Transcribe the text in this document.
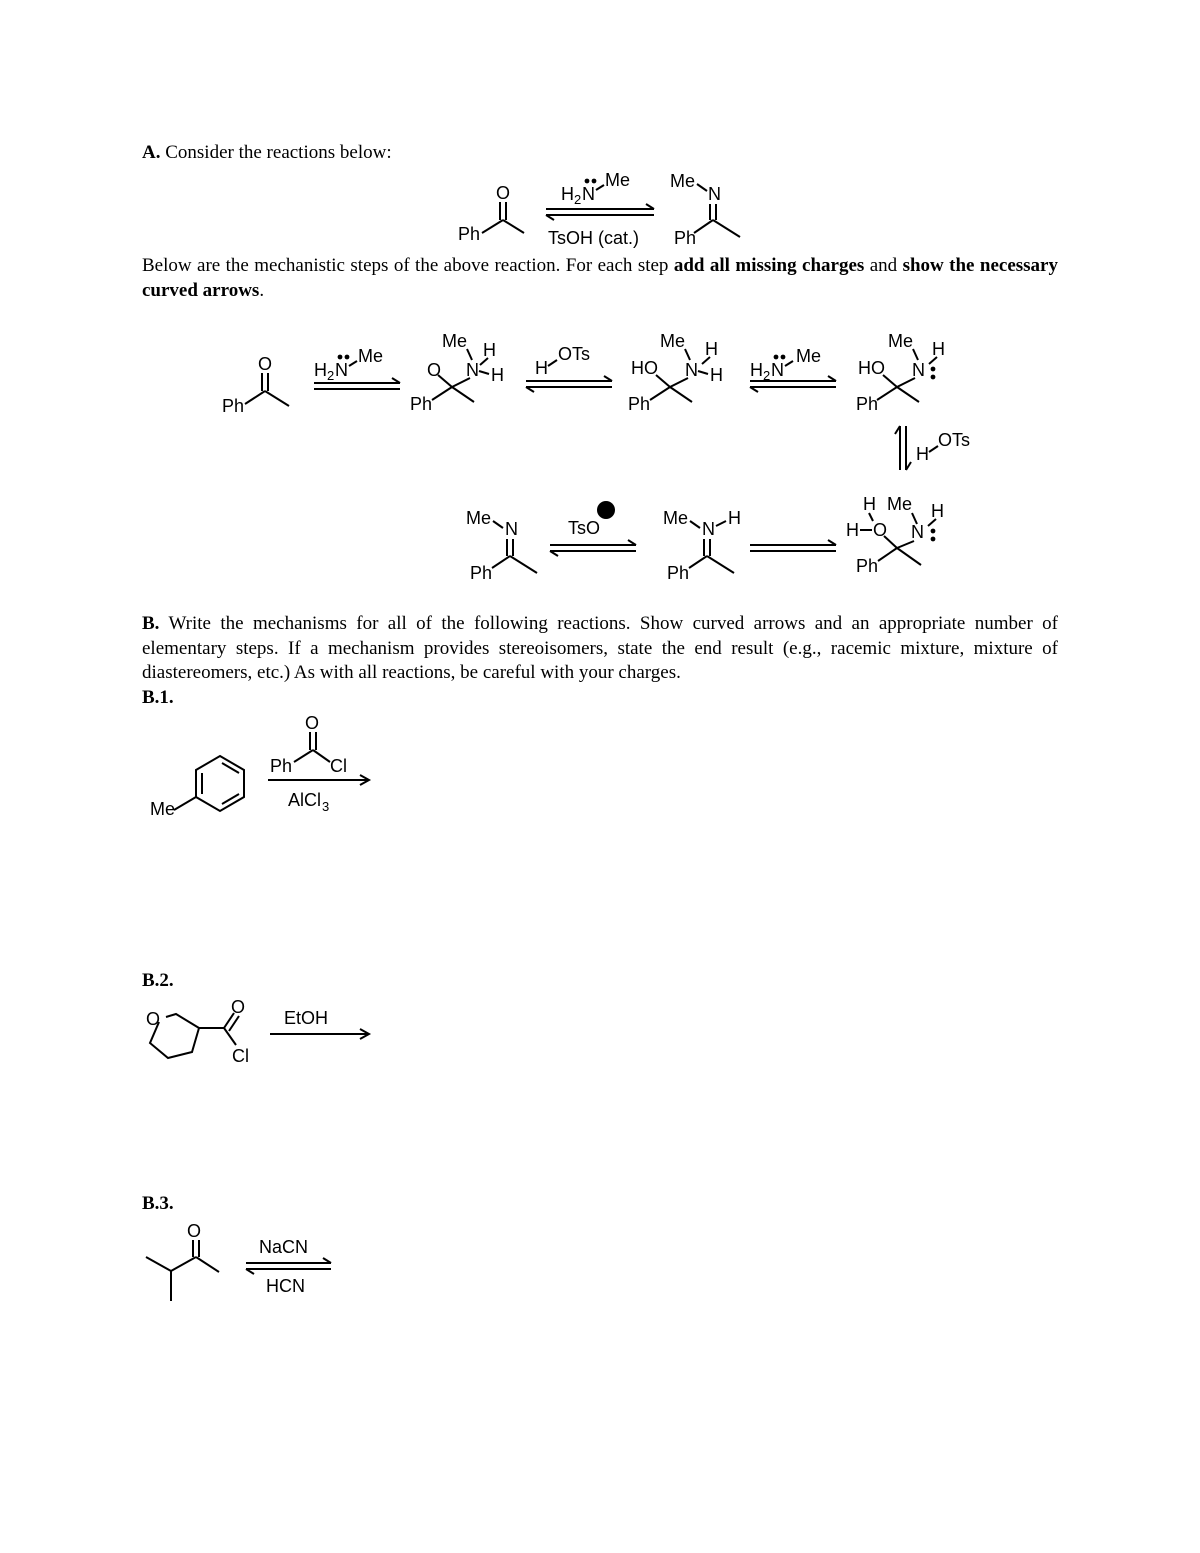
A. Consider the reactions below:
Below are the mechanistic steps of the above reaction. For each step add all missing charges and show the necessary curved arrows.
B. Write the mechanisms for all of the following reactions. Show curved arrows and an appropriate number of elementary steps. If a mechanism provides stereoisomers, state the end result (e.g., racemic mixture, mixture of diastereomers, etc.) As with all reactions, be careful with your charges.
B.1.
B.2.
B.3.
O
Ph
H 2 N
Me
TsOH (cat.)
Me
N
Ph
O
Ph
H 2 N
Me
Me H
O N H
Ph
H
OTs
Me H
HO N H
Ph
H 2 N
Me
Me H
HO N
Ph
H
OTs
Me
N
Ph
TsO	Me
N
H
Ph
H Me H
H O N
Ph
Me
O
Ph Cl
AlCl 3
O
O
Cl
EtOH
O
NaCN
HCN
